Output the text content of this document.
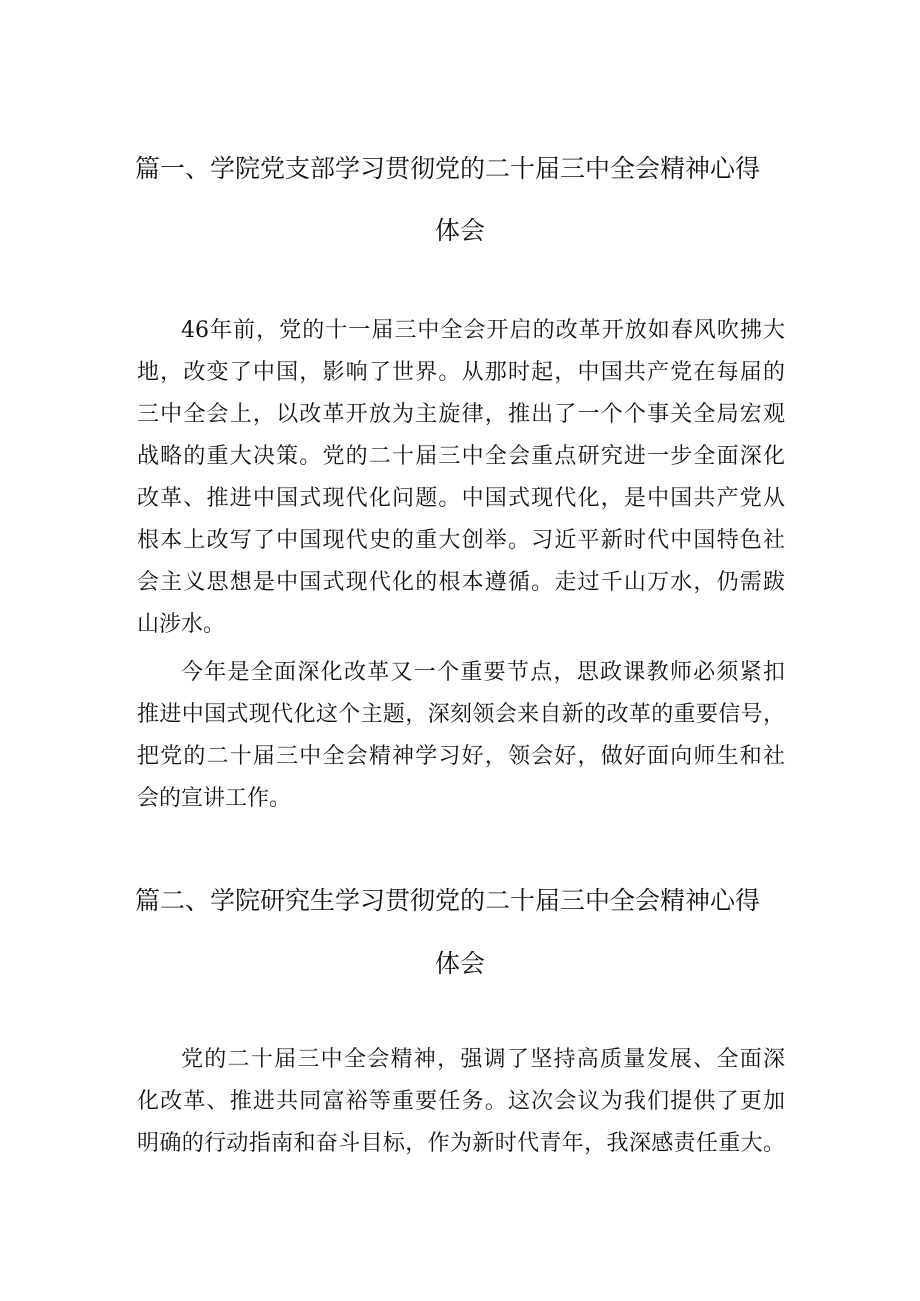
篇一、学院党支部学习贯彻党的二十届三中全会精神心得
体会
46年前，党的十一届三中全会开启的改革开放如春风吹拂大
地，改变了中国，影响了世界。从那时起，中国共产党在每届的
三中全会上，以改革开放为主旋律，推出了一个个事关全局宏观
战略的重大决策。党的二十届三中全会重点研究进一步全面深化
改革、推进中国式现代化问题。中国式现代化，是中国共产党从
根本上改写了中国现代史的重大创举。习近平新时代中国特色社
会主义思想是中国式现代化的根本遵循。走过千山万水，仍需跋
山涉水。
今年是全面深化改革又一个重要节点，思政课教师必须紧扣
推进中国式现代化这个主题，深刻领会来自新的改革的重要信号，
把党的二十届三中全会精神学习好，领会好，做好面向师生和社
会的宣讲工作。
篇二、学院研究生学习贯彻党的二十届三中全会精神心得
体会
党的二十届三中全会精神，强调了坚持高质量发展、全面深
化改革、推进共同富裕等重要任务。这次会议为我们提供了更加
明确的行动指南和奋斗目标，作为新时代青年，我深感责任重大。
